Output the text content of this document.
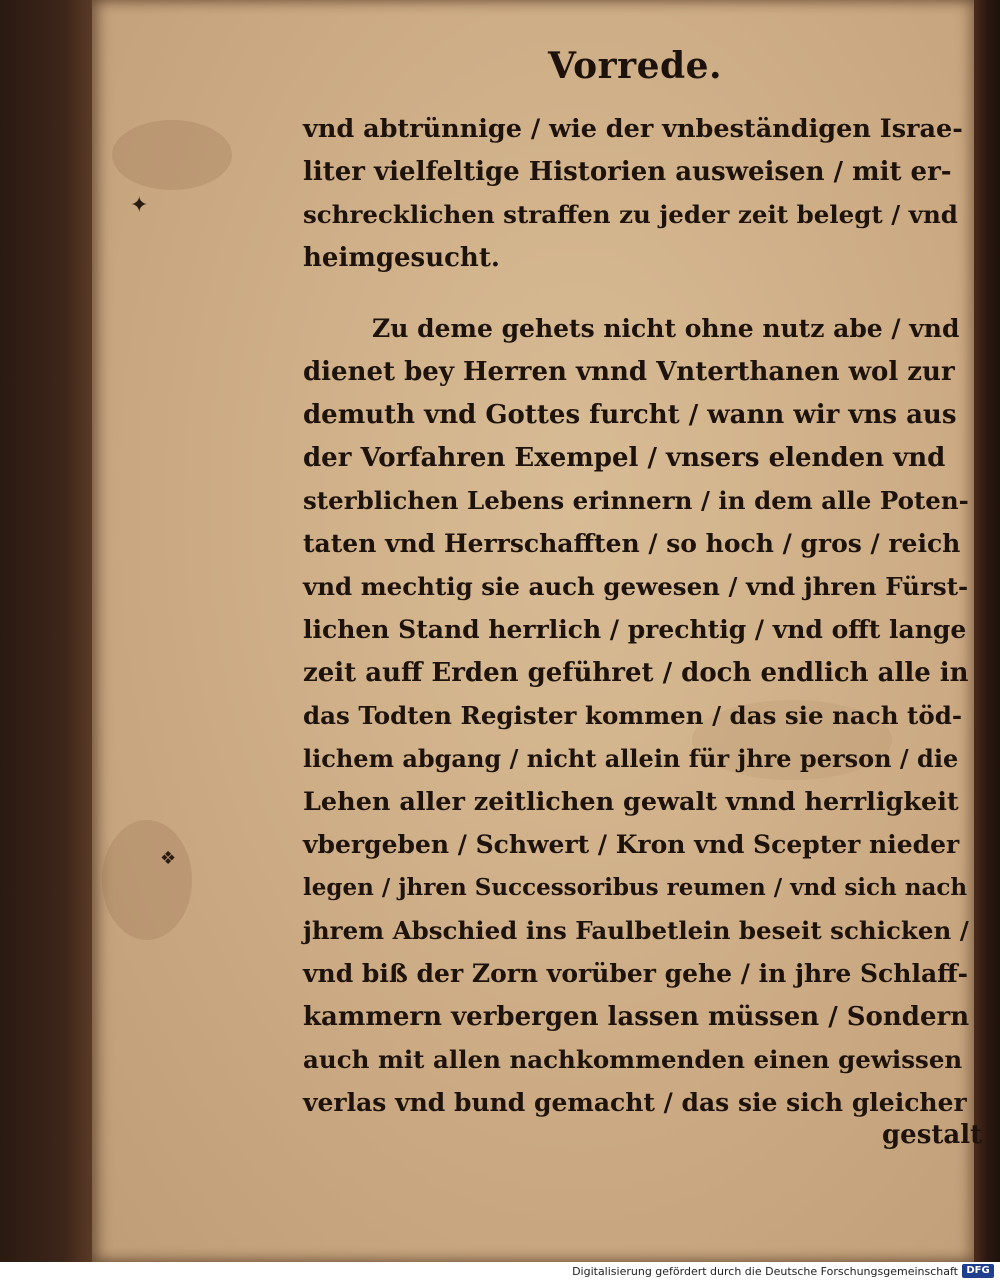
✦
❖
Vorrede.
vnd abtrünnige / wie der vnbeständigen Israe-
liter vielfeltige Historien ausweisen / mit er-
schrecklichen straffen zu jeder zeit belegt / vnd
heimgesucht.
Zu deme gehets nicht ohne nutz abe / vnd
dienet bey Herren vnnd Vnterthanen wol zur
demuth vnd Gottes furcht / wann wir vns aus
der Vorfahren Exempel / vnsers elenden vnd
sterblichen Lebens erinnern / in dem alle Poten-
taten vnd Herrschafften / so hoch / gros / reich
vnd mechtig sie auch gewesen / vnd jhren Fürst-
lichen Stand herrlich / prechtig / vnd offt lange
zeit auff Erden geführet / doch endlich alle in
das Todten Register kommen / das sie nach töd-
lichem abgang / nicht allein für jhre person / die
Lehen aller zeitlichen gewalt vnnd herrligkeit
vbergeben / Schwert / Kron vnd Scepter nieder
legen / jhren Successoribus reumen / vnd sich nach
jhrem Abschied ins Faulbetlein beseit schicken /
vnd biß der Zorn vorüber gehe / in jhre Schlaff-
kammern verbergen lassen müssen / Sondern
auch mit allen nachkommenden einen gewissen
verlas vnd bund gemacht / das sie sich gleicher
gestalt
Digitalisierung gefördert durch die Deutsche Forschungsgemeinschaft DFG
